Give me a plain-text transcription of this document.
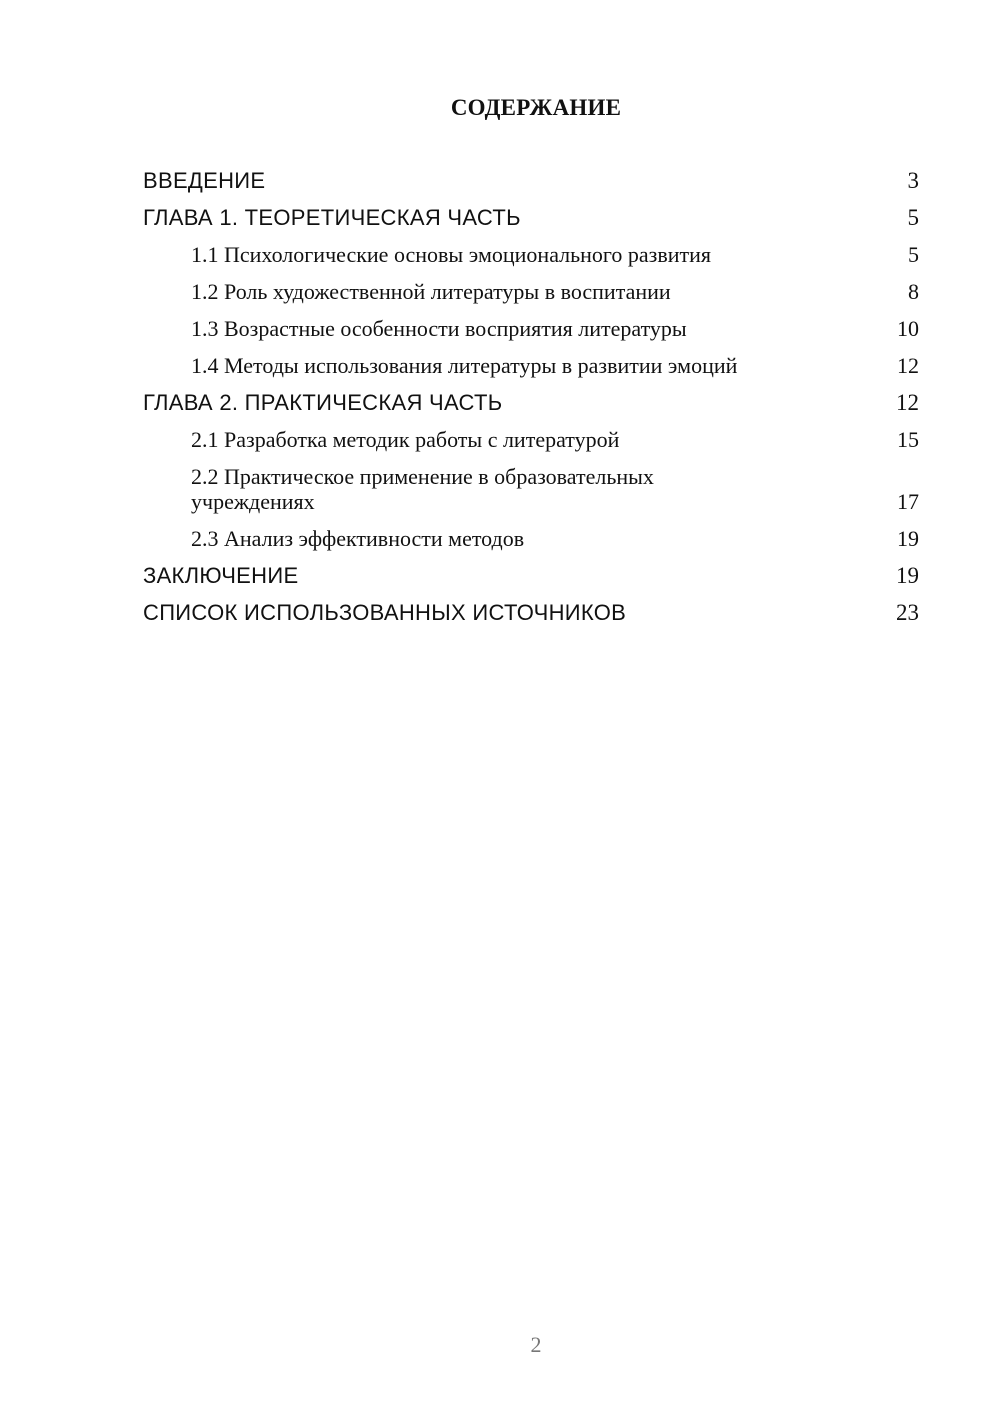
СОДЕРЖАНИЕ
ВВЕДЕНИЕ	3
ГЛАВА 1. ТЕОРЕТИЧЕСКАЯ ЧАСТЬ	5
1.1 Психологические основы эмоционального развития	5
1.2 Роль художественной литературы в воспитании	8
1.3 Возрастные особенности восприятия литературы	10
1.4 Методы использования литературы в развитии эмоций	12
ГЛАВА 2. ПРАКТИЧЕСКАЯ ЧАСТЬ	12
2.1 Разработка методик работы с литературой	15
2.2 Практическое применение в образовательных учреждениях	17
2.3 Анализ эффективности методов	19
ЗАКЛЮЧЕНИЕ	19
СПИСОК ИСПОЛЬЗОВАННЫХ ИСТОЧНИКОВ	23
2
